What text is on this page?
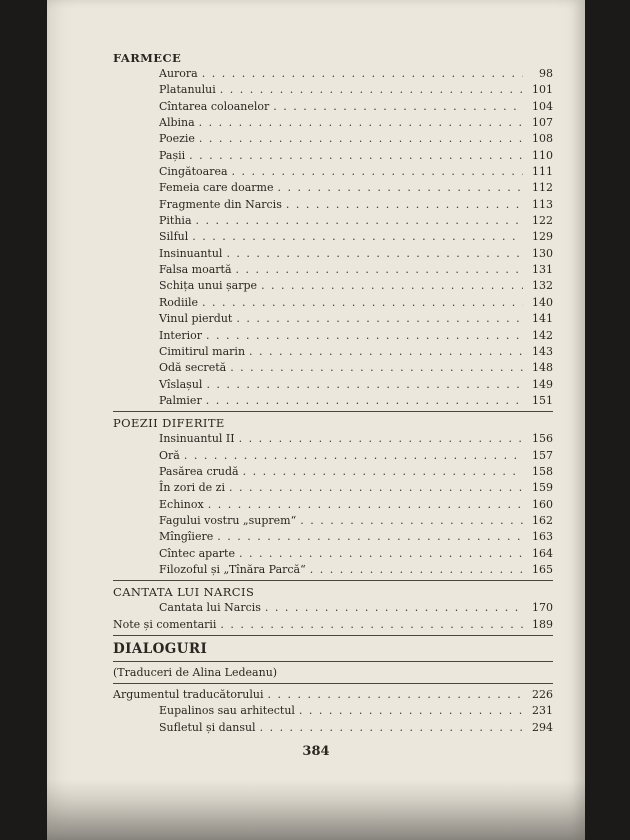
FARMECE
Aurora . . .	98
Platanului . . .	101
Cîntarea coloanelor . . .	104
Albina . . .	107
Poezie . . .	108
Pașii . . .	110
Cingătoarea . . .	111
Femeia care doarme . . .	112
Fragmente din Narcis . . .	113
Pithia . . .	122
Silful . . .	129
Insinuantul . . .	130
Falsa moartă . . .	131
Schița unui șarpe . . .	132
Rodiile . . .	140
Vinul pierdut . . .	141
Interior . . .	142
Cimitirul marin . . .	143
Odă secretă . . .	148
Vîslașul . . .	149
Palmier . . .	151
POEZII DIFERITE
Insinuantul II . . .	156
Oră . . .	157
Pasărea crudă . . .	158
În zori de zi . . .	159
Echinox . . .	160
Fagului vostru „suprem“ . . .	162
Mîngîiere . . .	163
Cîntec aparte . . .	164
Filozoful și „Tînăra Parcă“ . . .	165
CANTATA LUI NARCIS
Cantata lui Narcis . . .	170
Note și comentarii . . .	189
DIALOGURI
(Traduceri de Alina Ledeanu)
Argumentul traducătorului . . .	226
Eupalinos sau arhitectul . . .	231
Sufletul și dansul . . .	294
384
